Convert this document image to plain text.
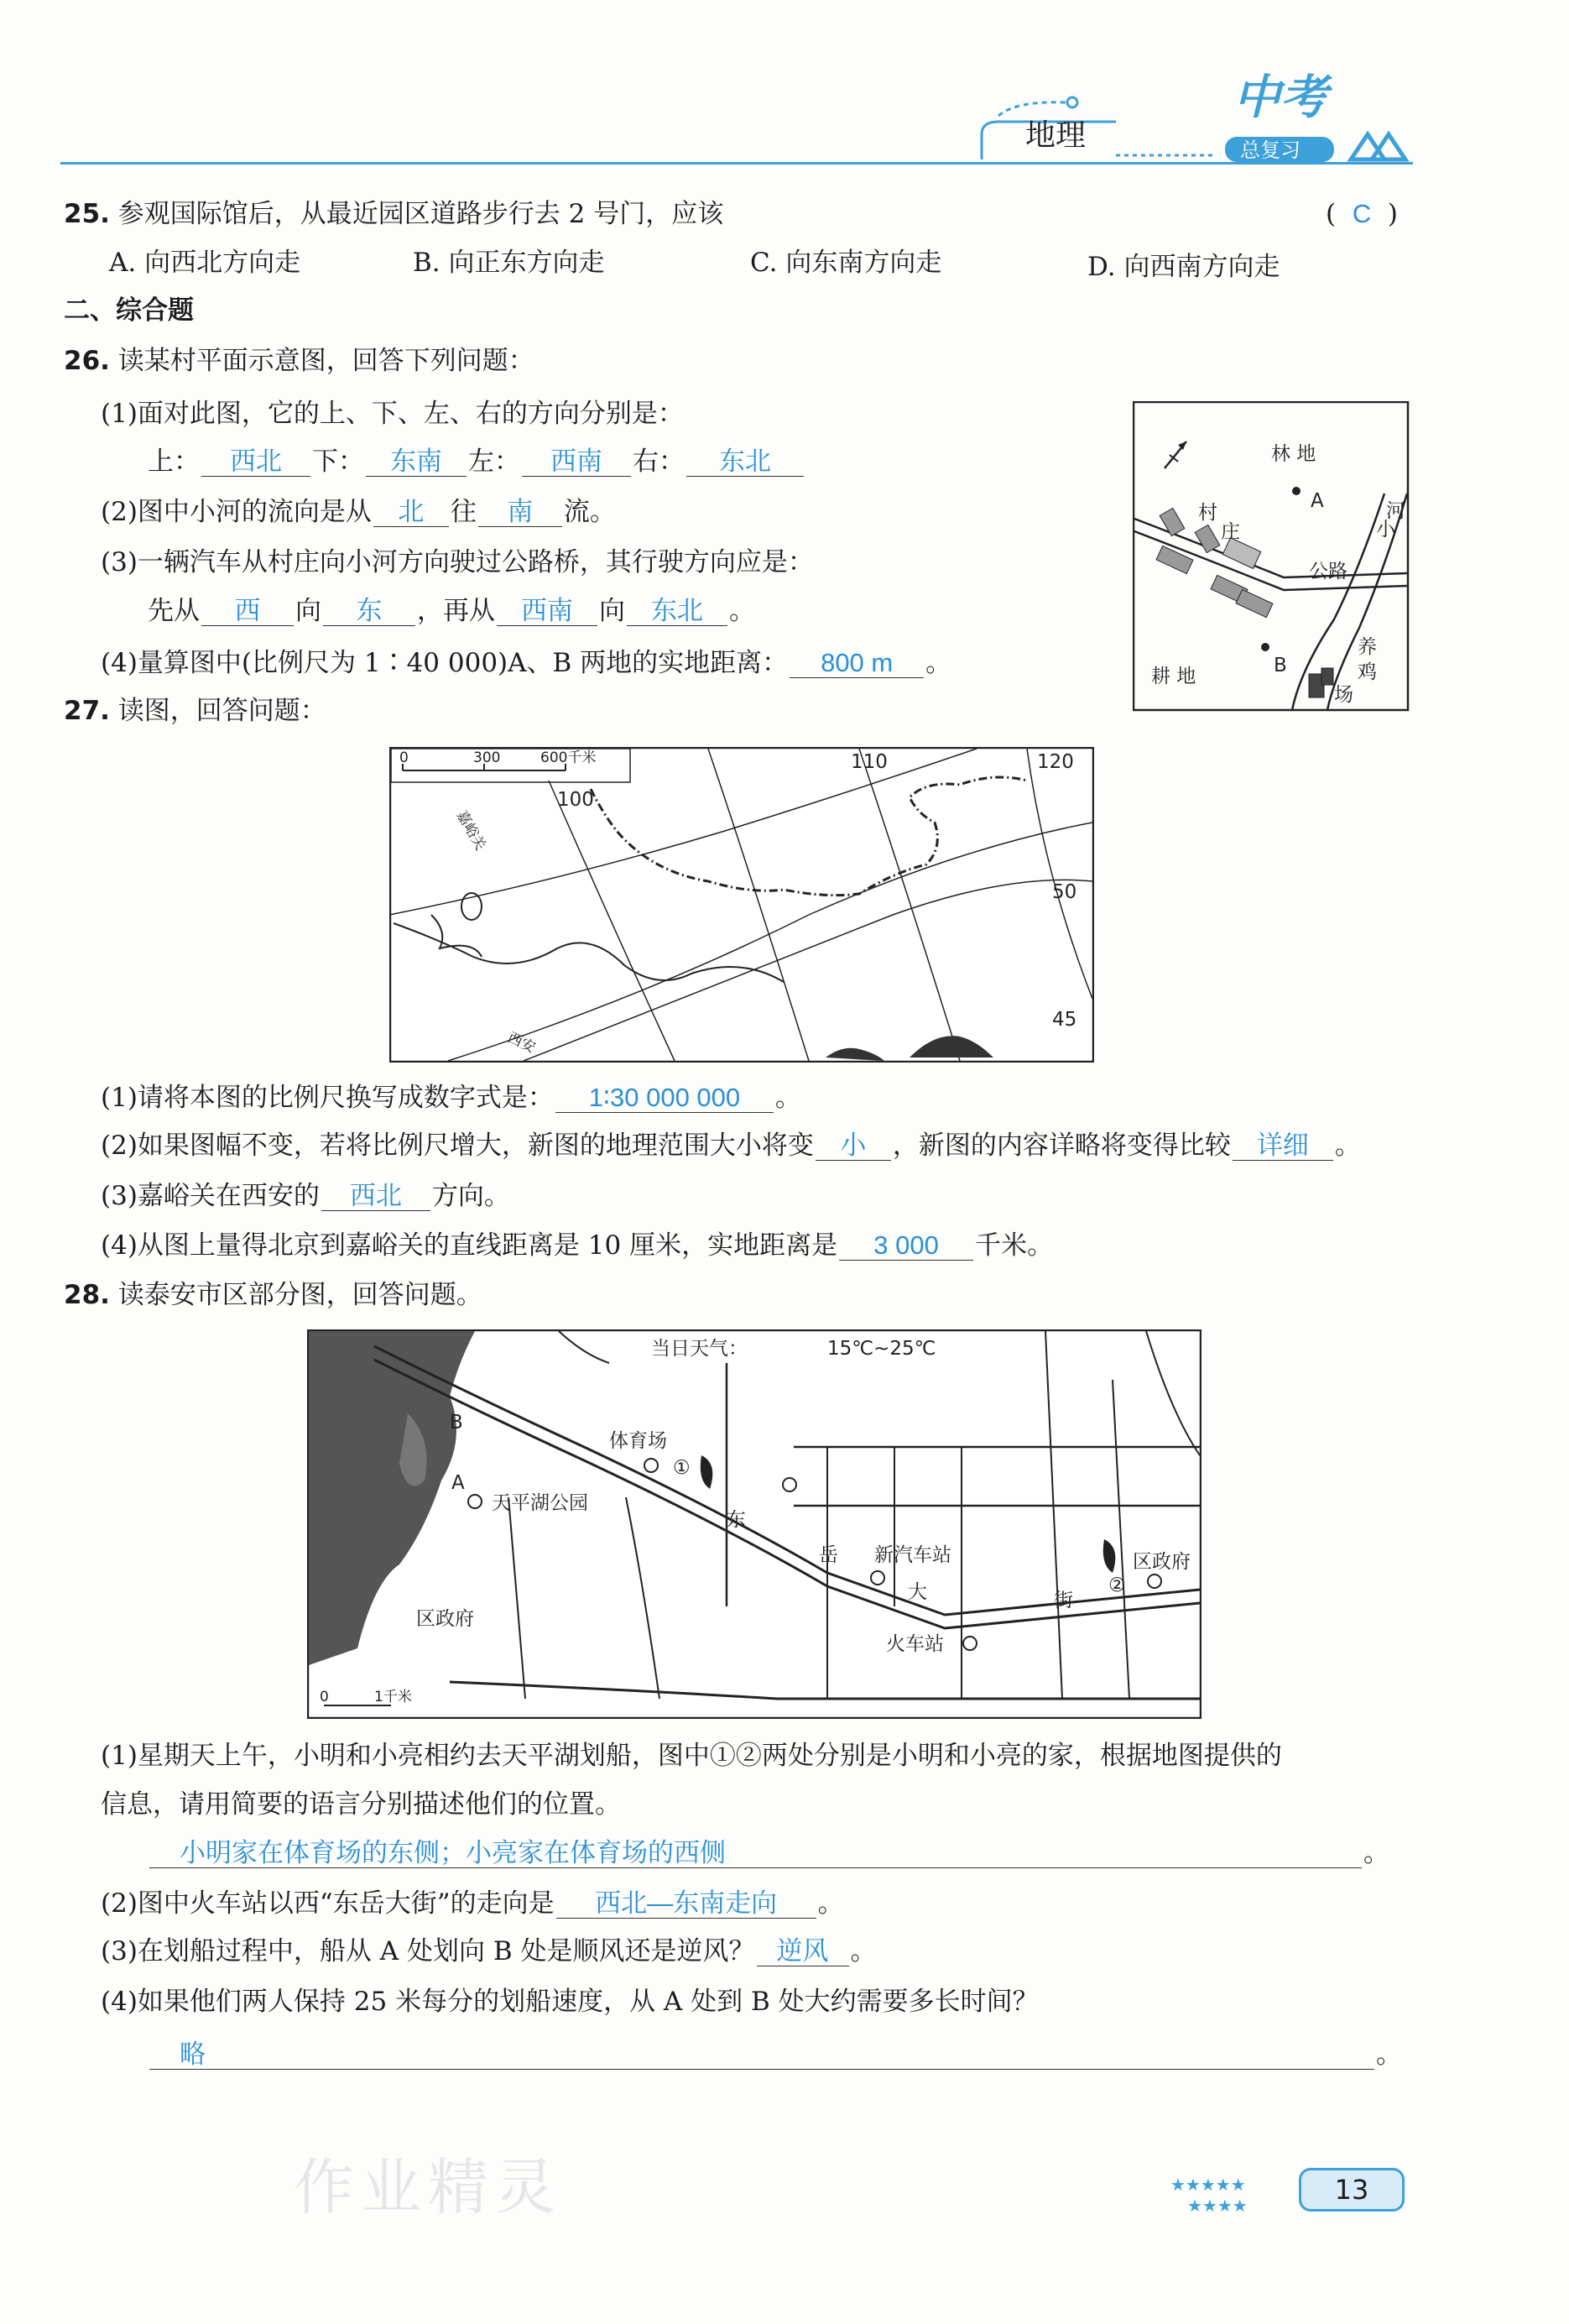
地理
中考
总复习
25. 参观国际馆后，从最近园区道路步行去 2 号门，应该	(  C  )
A. 向西北方向走	B. 向正东方向走	C. 向东南方向走	D. 向西南方向走
二、综合题
26. 读某村平面示意图，回答下列问题：
(1)面对此图，它的上、下、左、右的方向分别是：
上： 西北 下： 东南 左： 西南 右： 东北
(2)图中小河的流向是从 北 往 南 流。
(3)一辆汽车从村庄向小河方向驶过公路桥，其行驶方向应是：
先从 西 向 东 ，再从 西南 向 东北 。
(4)量算图中(比例尺为 1∶40 000)A、B 两地的实地距离： 800 m 。
林 地
A
村
庄	小
河
公路
耕 地	B
养
鸡
场
27. 读图，回答问题：
0	300	600千米
100
110	120
50
45
嘉峪关
西安
(1)请将本图的比例尺换写成数字式是： 1∶30 000 000 。
(2)如果图幅不变，若将比例尺增大，新图的地理范围大小将变 小 ，新图的内容详略将变得比较 详细 。
(3)嘉峪关在西安的 西北 方向。
(4)从图上量得北京到嘉峪关的直线距离是 10 厘米，实地距离是 3 000 千米。
28. 读泰安市区部分图，回答问题。
0	1千米
当日天气：	15℃~25℃
体育场
①
②
天平湖公园
A
B
区政府
区政府
新汽车站
火车站
东
岳
大	街
(1)星期天上午，小明和小亮相约去天平湖划船，图中①②两处分别是小明和小亮的家，根据地图提供的
信息，请用简要的语言分别描述他们的位置。
小明家在体育场的东侧；小亮家在体育场的西侧	。
(2)图中火车站以西“东岳大街”的走向是 西北—东南走向 。
(3)在划船过程中，船从 A 处划向 B 处是顺风还是逆风？ 逆风 。
(4)如果他们两人保持 25 米每分的划船速度，从 A 处到 B 处大约需要多长时间？
略	。
作业精灵	★★★★★
★★★★	13
